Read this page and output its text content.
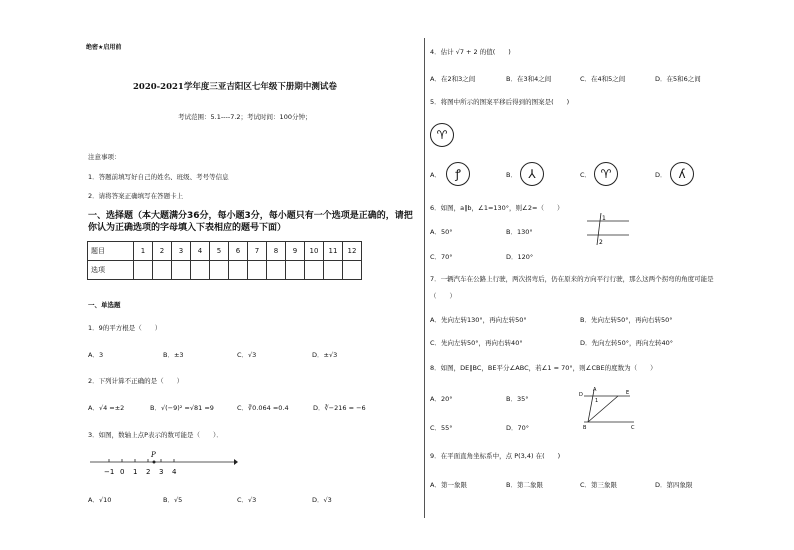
绝密★启用前
2020-2021学年度三亚吉阳区七年级下册期中测试卷
考试范围：5.1----7.2；考试时间：100分钟；
注意事项：
1．答题前填写好自己的姓名、班级、考号等信息
2．请将答案正确填写在答题卡上
一、选择题（本大题满分36分，每小题3分，每小题只有一个选项是正确的，请把你认为正确选项的字母填入下表相应的题号下面）
题目	1	2	3	4	5	6	7	8	9	10	11	12
选项												
一、单选题
1．9的平方根是（　　）
A．3	B．±3	C．√3	D．±√3
2．下列计算不正确的是（　　）
A．√4 =±2	B．√(−9)² =√81 =9	C．∛0.064 =0.4	D．∛−216 = −6
3．如图，数轴上点P表示的数可能是（　　）．
P
−1 0 1 2 3 4
A．√10	B．√5	C．√3	D．√3
4．估计 √7 + 2 的值(　　)
A．在2和3之间	B．在3和4之间	C．在4和5之间	D．在5和6之间
5．将图中所示的图案平移后得到的图案是(　　)
♈
A．	ꝭ	B． ⅄	C． ♈	D． ʎ
6．如图，a∥b，∠1=130°，则∠2=（　　）
1
2
A．50°	B．130°
C．70°	D．120°
7．一辆汽车在公路上行驶，两次拐弯后，仍在原来的方向平行行驶，那么这两个拐弯的角度可能是
（　　）
A．先向左转130°，再向左转50°	B．先向左转50°，再向右转50°
C．先向左转50°，再向右转40°	D．先向左转50°，再向左转40°
8．如图，DE∥BC，BE平分∠ABC，若∠1 = 70°，则∠CBE的度数为（　　）
D	E
1
A
B	C
A．20°	B．35°
C．55°	D．70°
9．在平面直角坐标系中，点 P(3,4) 在(　　)
A．第一象限	B．第二象限	C．第三象限	D．第四象限
